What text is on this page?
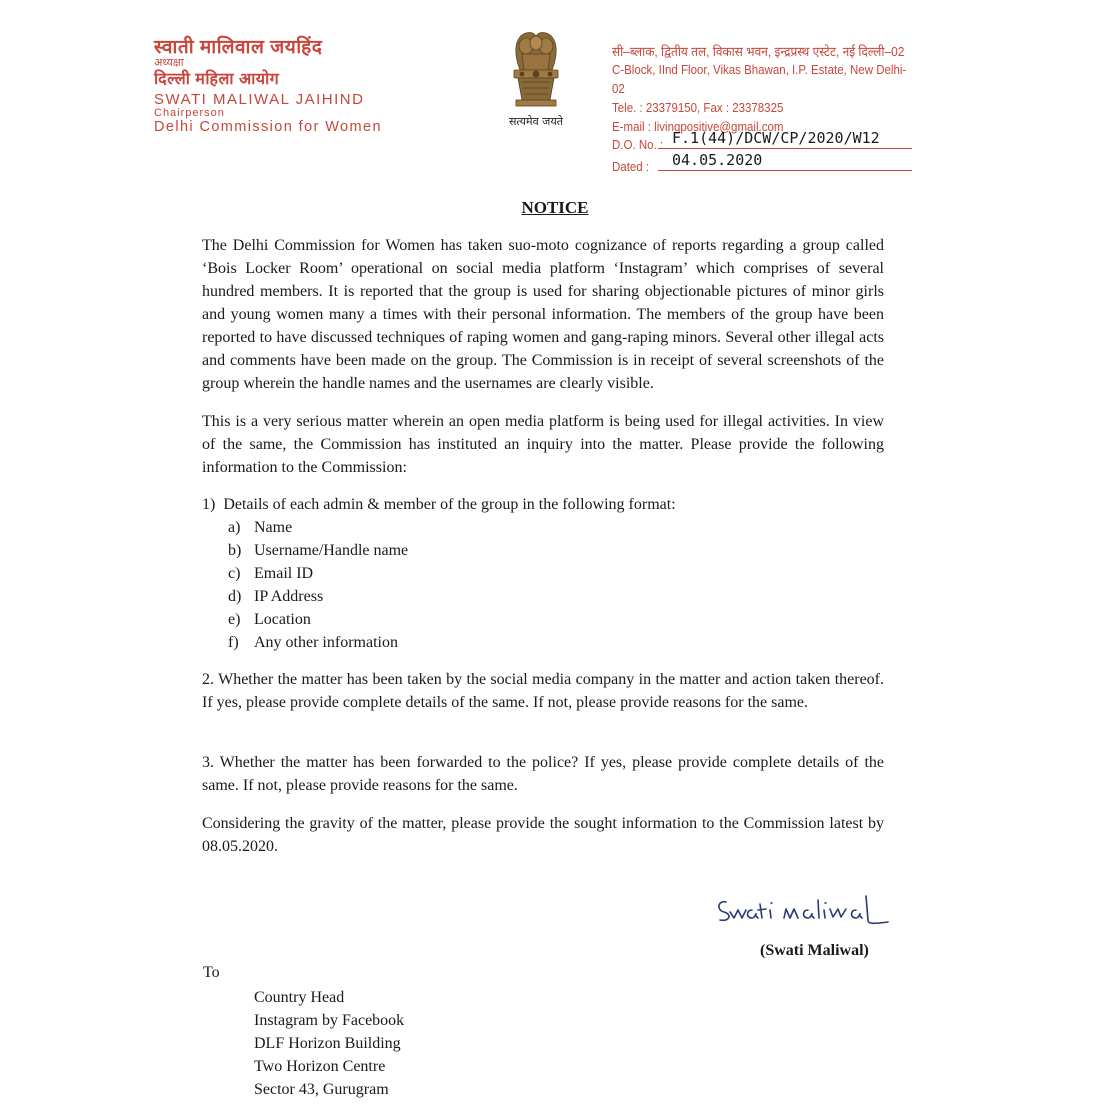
स्वाती मालिवाल जयहिंद
अध्यक्षा
दिल्ली महिला आयोग
SWATI MALIWAL JAIHIND
Chairperson
Delhi Commission for Women	सत्यमेव जयते
सी–ब्लाक, द्वितीय तल, विकास भवन, इन्द्रप्रस्थ एस्टेट, नई दिल्ली–02
C-Block, IInd Floor, Vikas Bhawan, I.P. Estate, New Delhi-02
Tele. : 23379150, Fax : 23378325
E-mail : livingpositive@gmail.com
D.O. No. : F.1(44)/DCW/CP/2020/W12
Dated : 04.05.2020
NOTICE

The Delhi Commission for Women has taken suo-moto cognizance of reports regarding a group called ‘Bois Locker Room’ operational on social media platform ‘Instagram’ which comprises of several hundred members. It is reported that the group is used for sharing objectionable pictures of minor girls and young women many a times with their personal information. The members of the group have been reported to have discussed techniques of raping women and gang-raping minors. Several other illegal acts and comments have been made on the group. The Commission is in receipt of several screenshots of the group wherein the handle names and the usernames are clearly visible.

This is a very serious matter wherein an open media platform is being used for illegal activities. In view of the same, the Commission has instituted an inquiry into the matter. Please provide the following information to the Commission:

1)  Details of each admin & member of the group in the following format:
a) Name
b) Username/Handle name
c) Email ID
d) IP Address
e) Location
f) Any other information

2. Whether the matter has been taken by the social media company in the matter and action taken thereof. If yes, please provide complete details of the same. If not, please provide reasons for the same.

3. Whether the matter has been forwarded to the police? If yes, please provide complete details of the same. If not, please provide reasons for the same.

Considering the gravity of the matter, please provide the sought information to the Commission latest by 08.05.2020.

(Swati Maliwal)
To
Country Head
Instagram by Facebook
DLF Horizon Building
Two Horizon Centre
Sector 43, Gurugram
